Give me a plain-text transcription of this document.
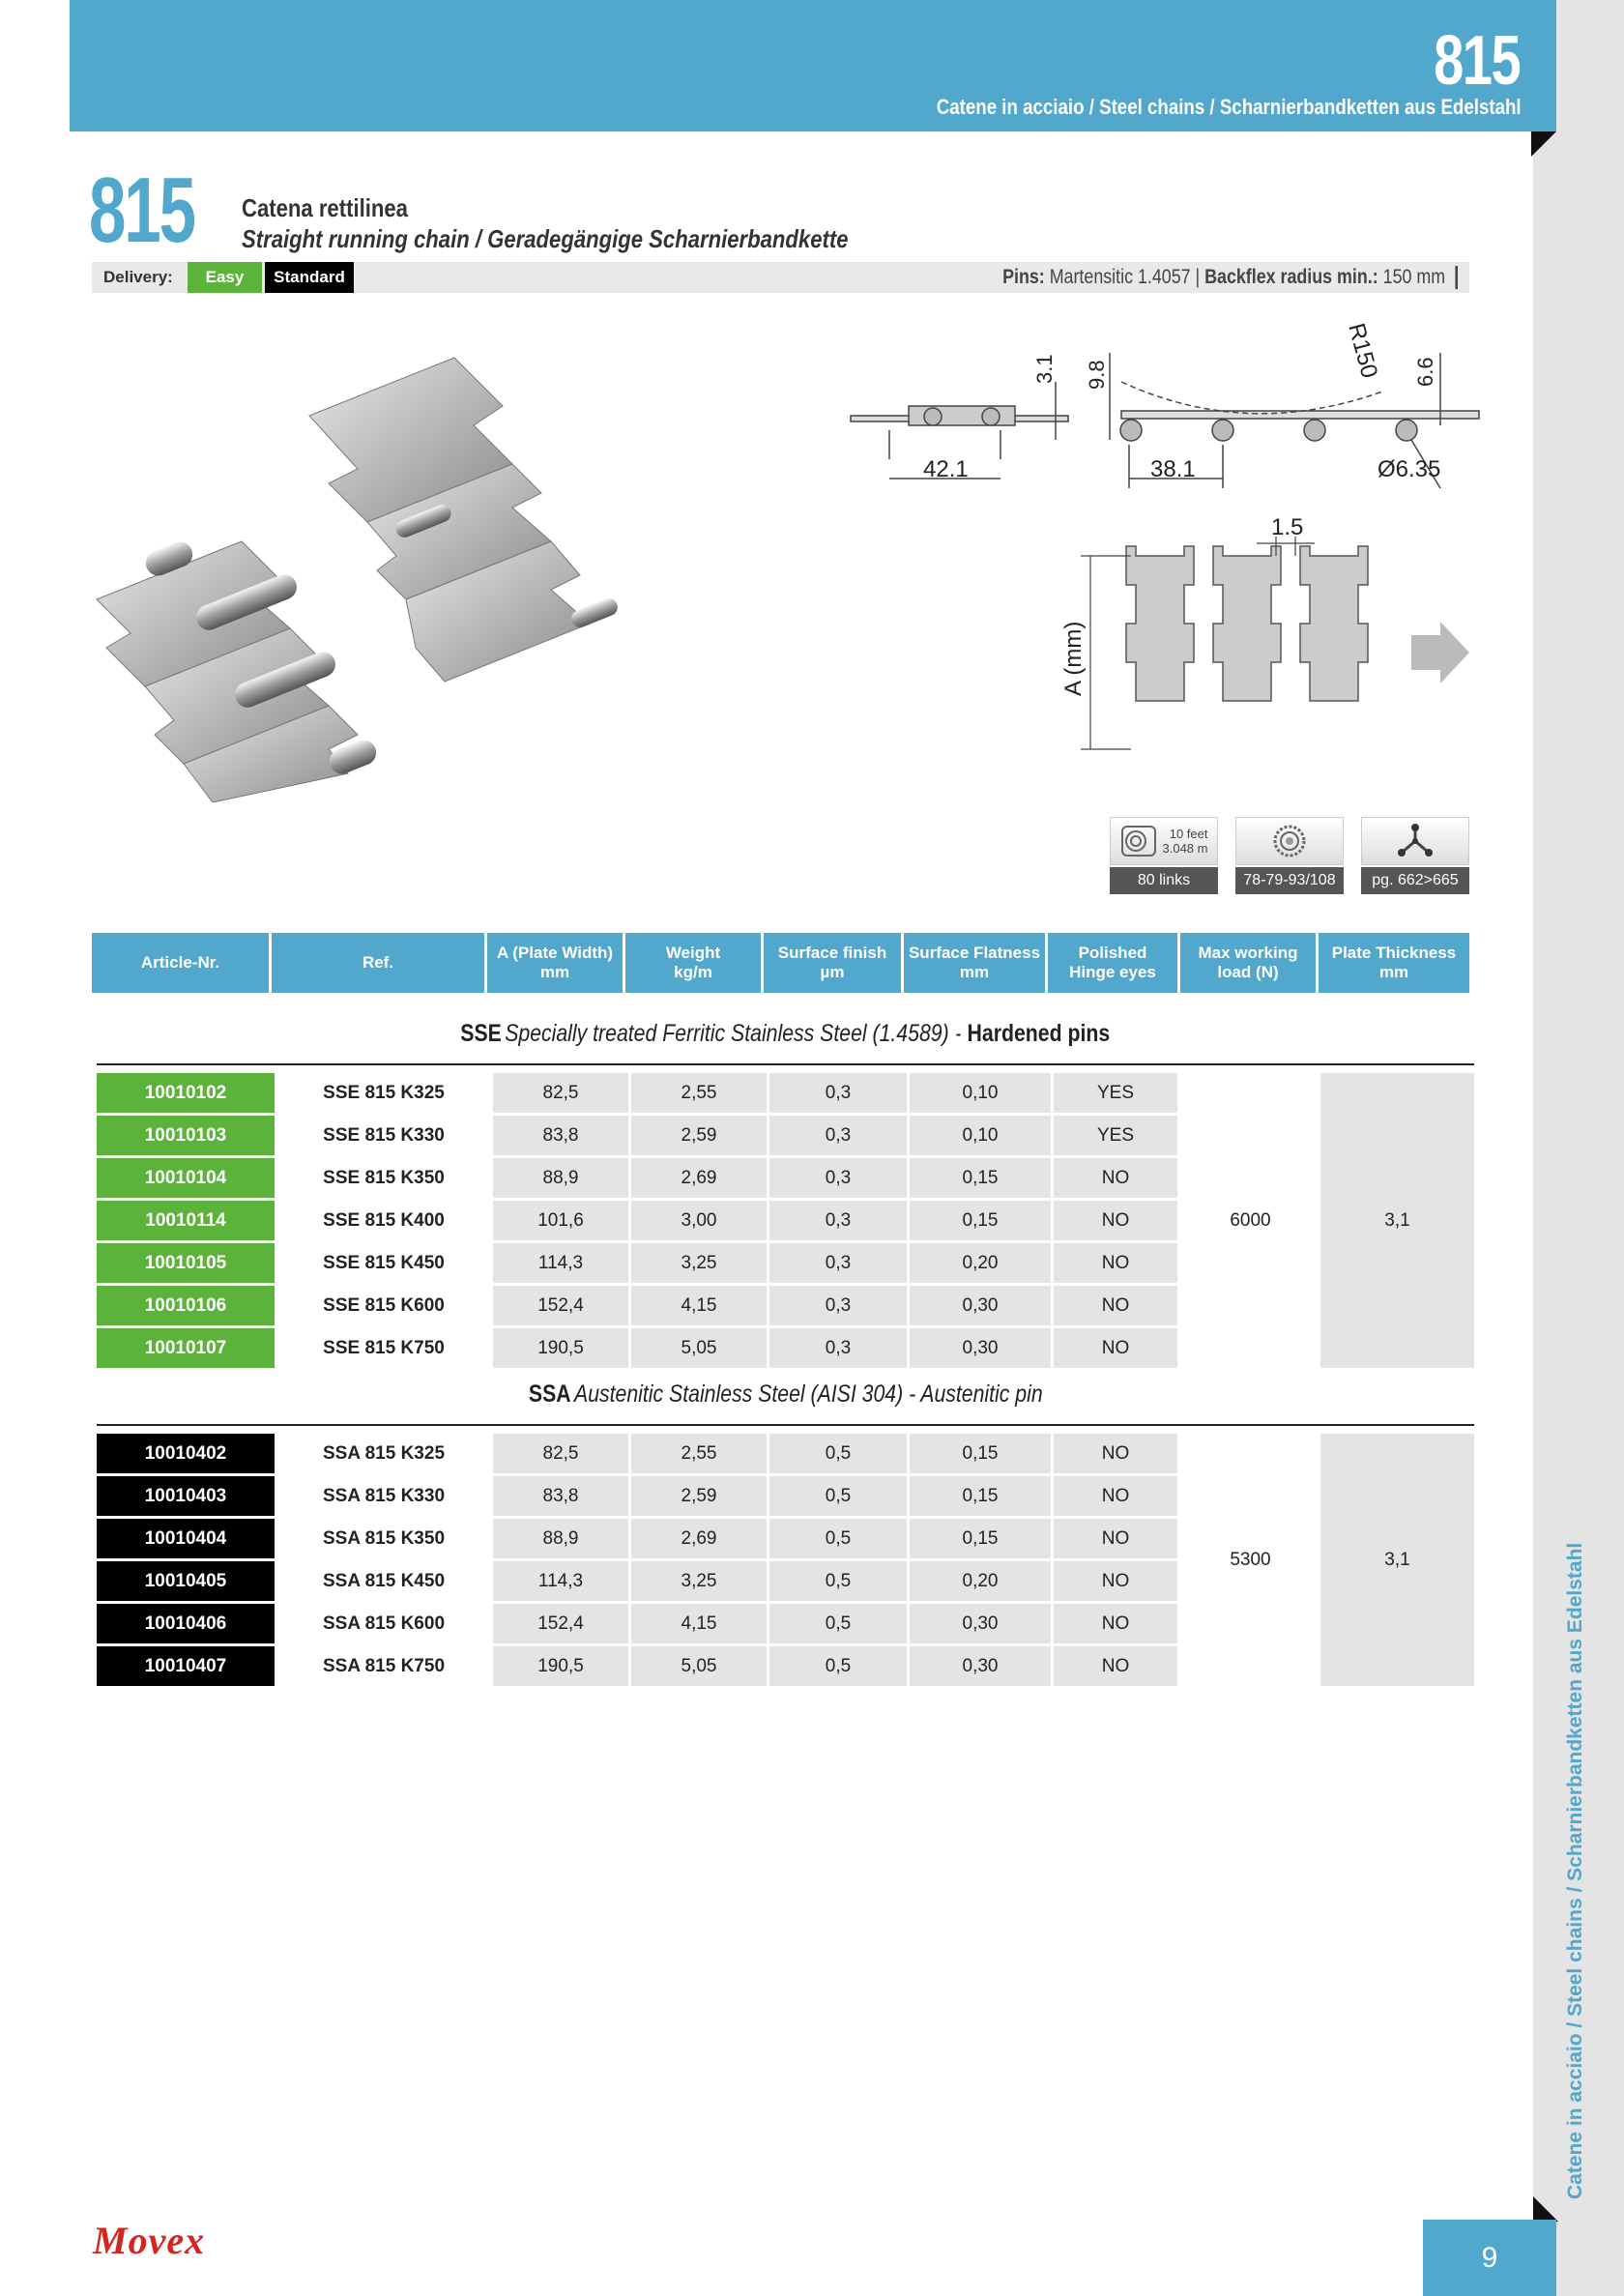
815
Catene in acciaio / Steel chains / Scharnierbandketten aus Edelstahl
Catene in acciaio / Steel chains / Scharnierbandketten aus Edelstahl
9
815 Catena rettilinea
Straight running chain / Geradegängige Scharnierbandkette
Delivery:	Easy	Standard	Pins: Martensitic 1.4057 | Backflex radius min.: 150 mm
42.1
3.1 9.8	R150 6.6
38.1	Ø6.35
1.5
A (mm)
10 feet
3.048 m
80 links	78-79-93/108	pg. 662>665
Article-Nr.	Ref.
A (Plate Width)
mm
Weight
kg/m
Surface finish
µm
Surface Flatness
mm
Polished
Hinge eyes
Max working
load (N)
Plate Thickness
mm
SSE Specially treated Ferritic Stainless Steel (1.4589) - Hardened pins
10010102	SSE 815 K325	82,5	2,55	0,3	0,10	YES
10010103	SSE 815 K330	83,8	2,59	0,3	0,10	YES
10010104	SSE 815 K350	88,9	2,69	0,3	0,15	NO
10010114	SSE 815 K400	101,6	3,00	0,3	0,15	NO
10010105	SSE 815 K450	114,3	3,25	0,3	0,20	NO
10010106	SSE 815 K600	152,4	4,15	0,3	0,30	NO
10010107	SSE 815 K750	190,5	5,05	0,3	0,30	NO
6000	3,1
SSA Austenitic Stainless Steel (AISI 304) - Austenitic pin
10010402	SSA 815 K325	82,5	2,55	0,5	0,15	NO
10010403	SSA 815 K330	83,8	2,59	0,5	0,15	NO
10010404	SSA 815 K350	88,9	2,69	0,5	0,15	NO
10010405	SSA 815 K450	114,3	3,25	0,5	0,20	NO
10010406	SSA 815 K600	152,4	4,15	0,5	0,30	NO
10010407	SSA 815 K750	190,5	5,05	0,5	0,30	NO
5300	3,1
Movex
